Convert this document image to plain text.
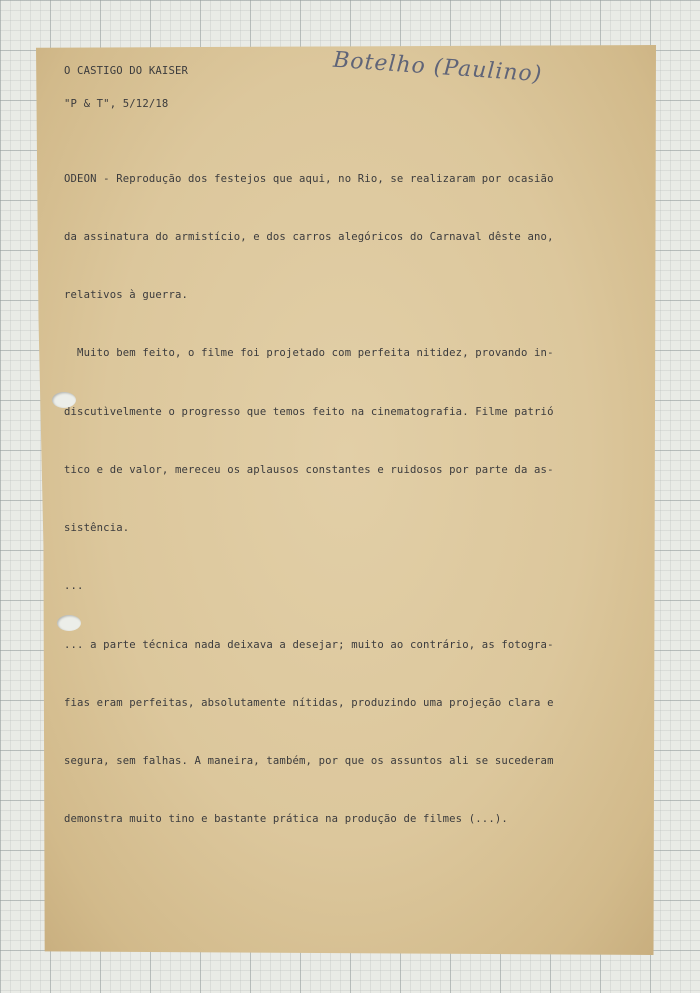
O CASTIGO DO KAISER	Botelho (Paulino)
"P & T", 5/12/18

ODEON - Reprodução dos festejos que aqui, no Rio, se realizaram por ocasião

da assinatura do armistício, e dos carros alegóricos do Carnaval dêste ano,

relativos à guerra.

Muito bem feito, o filme foi projetado com perfeita nitidez, provando in-

discutìvelmente o progresso que temos feito na cinematografia. Filme patrió

tico e de valor, mereceu os aplausos constantes e ruidosos por parte da as-

sistência.

...

... a parte técnica nada deixava a desejar; muito ao contrário, as fotogra-

fias eram perfeitas, absolutamente nítidas, produzindo uma projeção clara e

segura, sem falhas. A maneira, também, por que os assuntos ali se sucederam

demonstra muito tino e bastante prática na produção de filmes (...).
